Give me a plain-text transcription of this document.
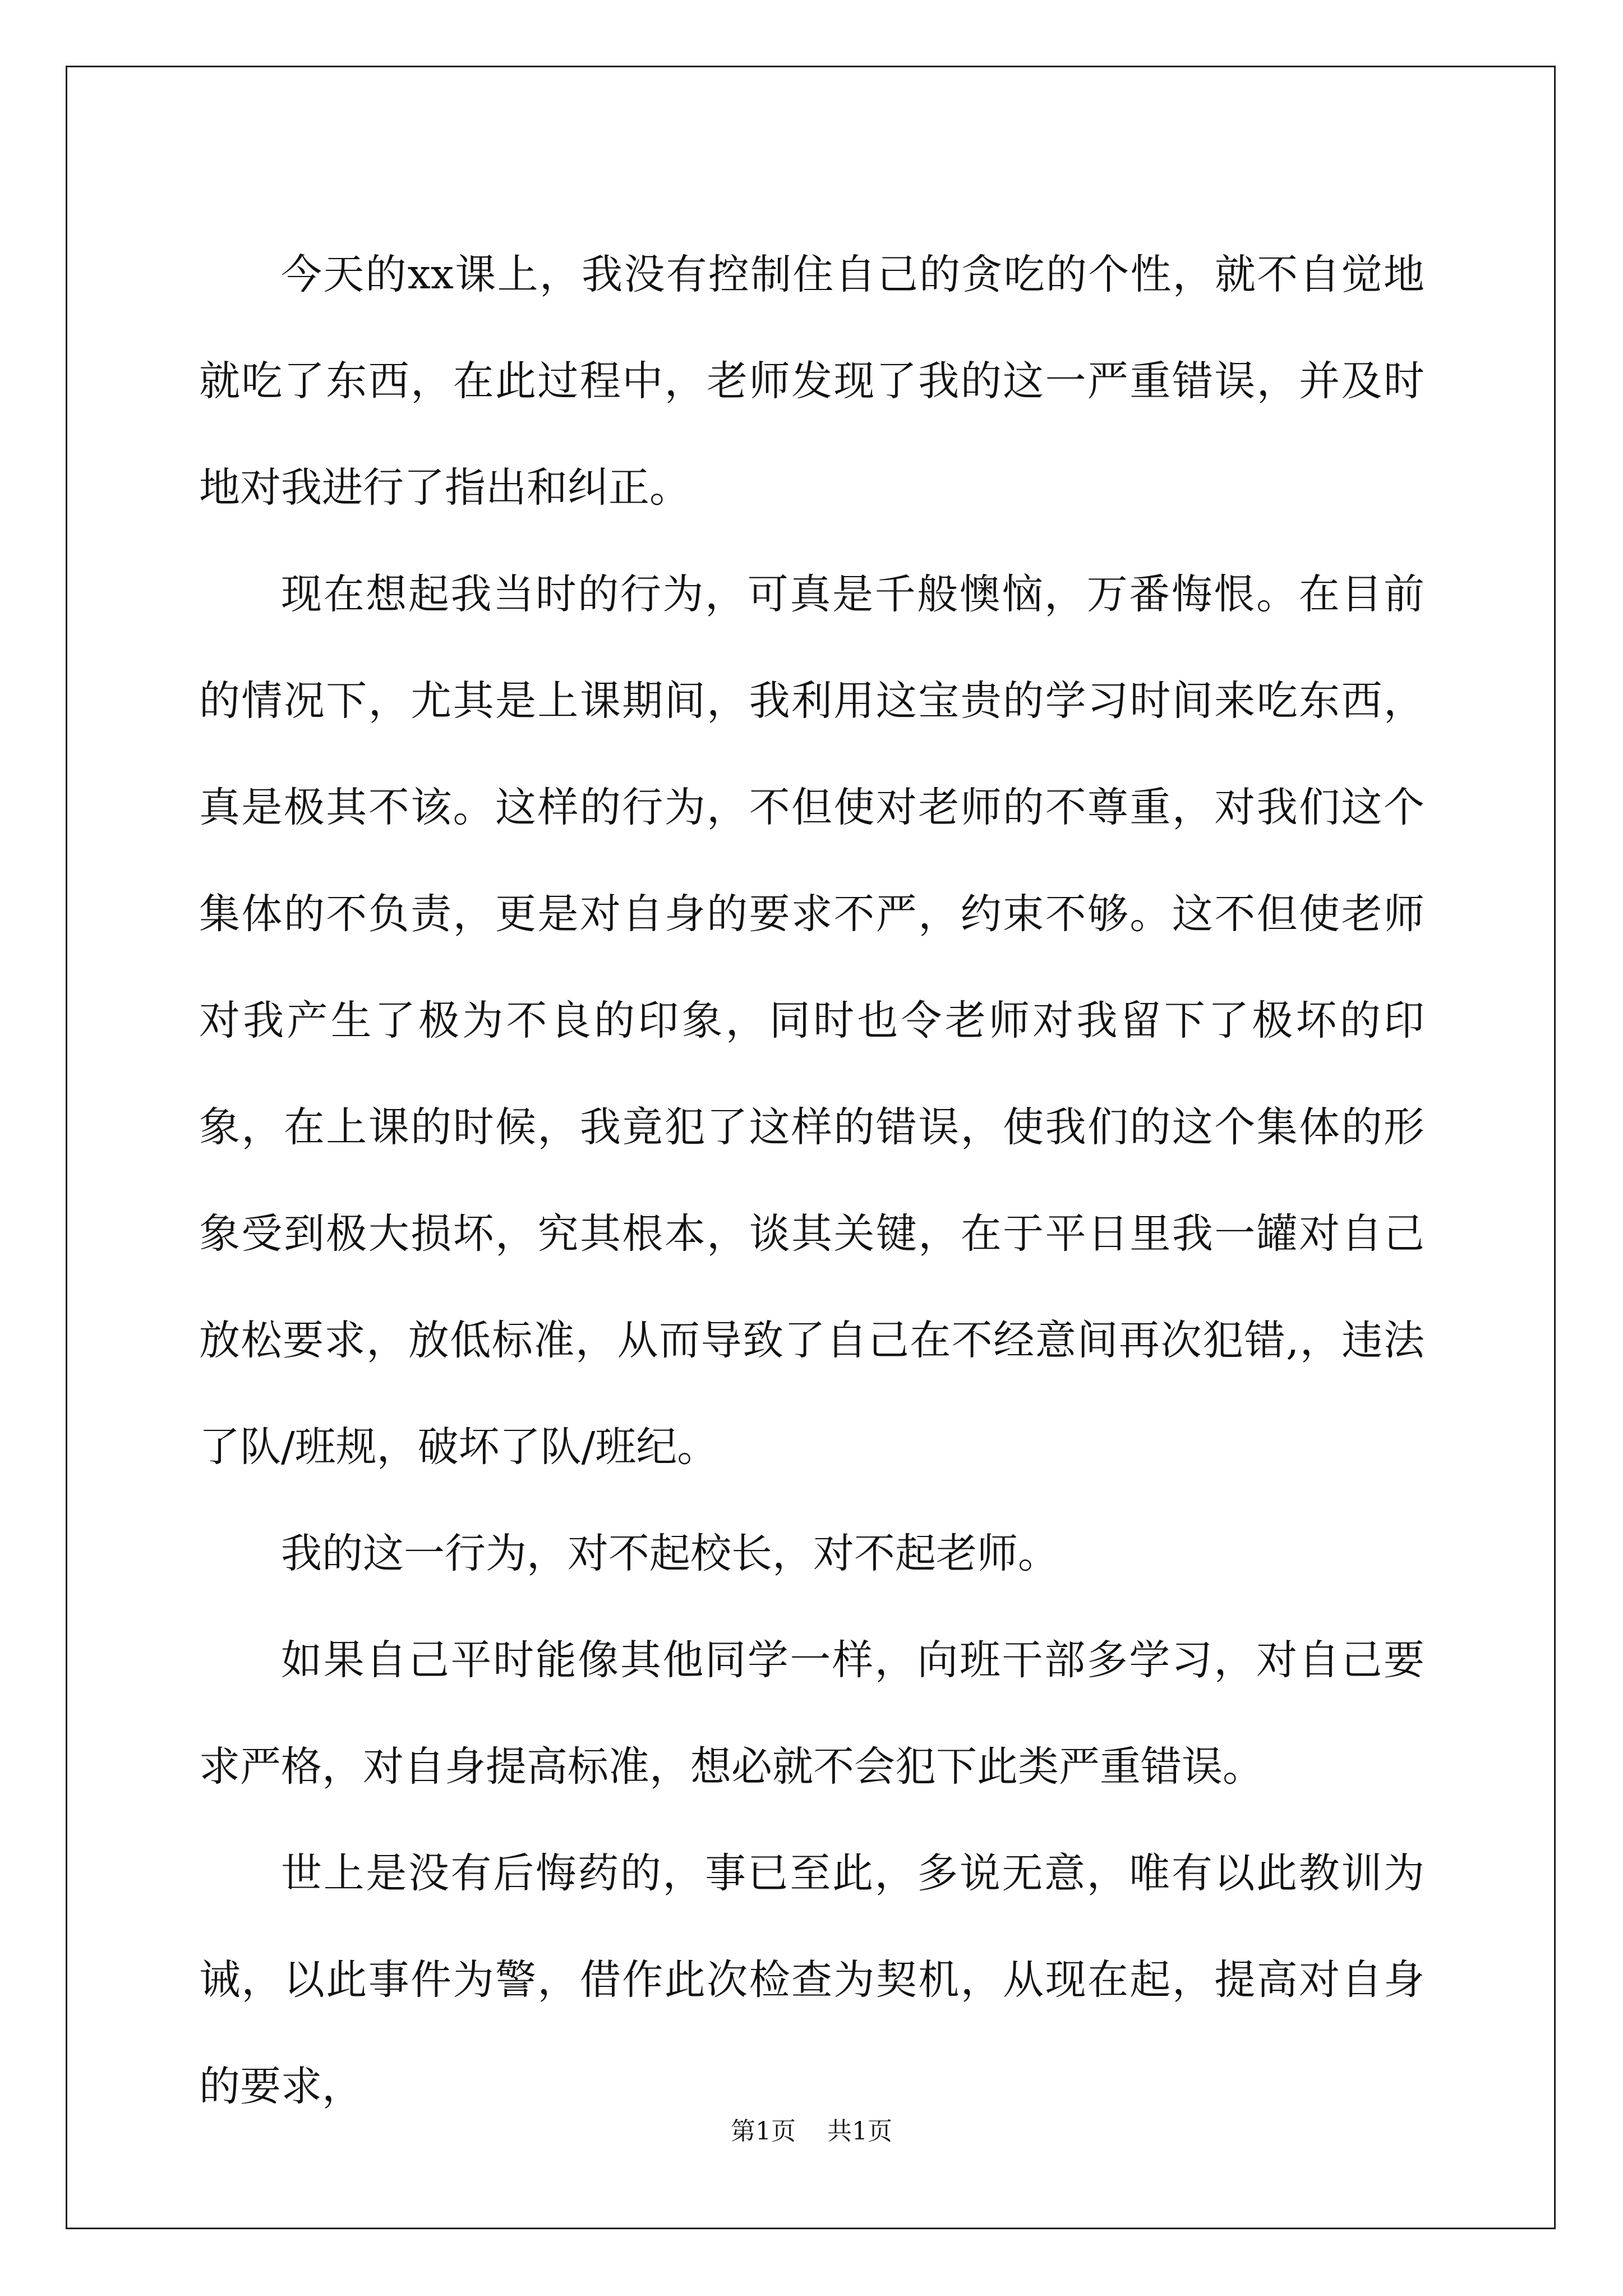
今天的xx课上，我没有控制住自己的贪吃的个性，就不自觉地就吃了东西，在此过程中，老师发现了我的这一严重错误，并及时地对我进行了指出和纠正。

现在想起我当时的行为，可真是千般懊恼，万番悔恨。在目前的情况下，尤其是上课期间，我利用这宝贵的学习时间来吃东西，真是极其不该。这样的行为，不但使对老师的不尊重，对我们这个集体的不负责，更是对自身的要求不严，约束不够。这不但使老师对我产生了极为不良的印象，同时也令老师对我留下了极坏的印象，在上课的时候，我竟犯了这样的错误，使我们的这个集体的形象受到极大损坏，究其根本，谈其关键，在于平日里我一罐对自己放松要求，放低标准，从而导致了自己在不经意间再次犯错,，违法了队/班规，破坏了队/班纪。

我的这一行为，对不起校长，对不起老师。

如果自己平时能像其他同学一样，向班干部多学习，对自己要求严格，对自身提高标准，想必就不会犯下此类严重错误。

世上是没有后悔药的，事已至此，多说无意，唯有以此教训为诫，以此事件为警，借作此次检查为契机，从现在起，提高对自身的要求，

第1页 共1页
